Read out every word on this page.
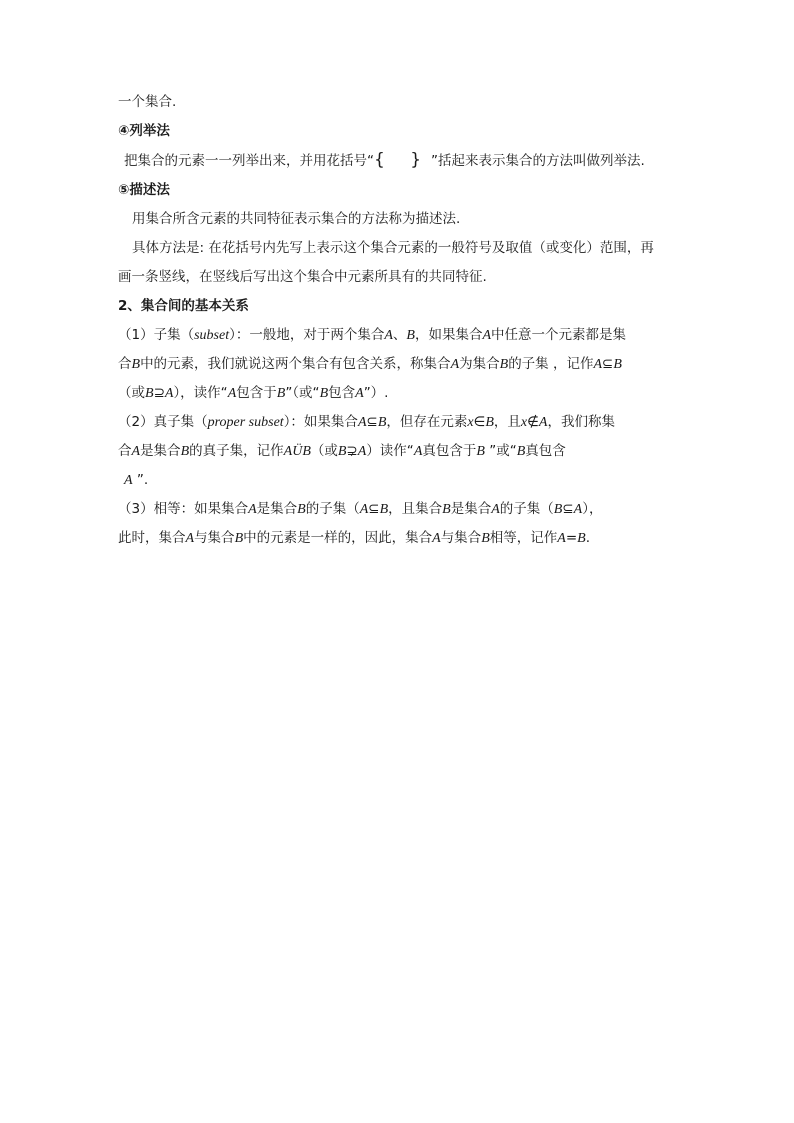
一个集合.
④列举法
把集合的元素一一列举出来，并用花括号“{ }”括起来表示集合的方法叫做列举法.
⑤描述法
用集合所含元素的共同特征表示集合的方法称为描述法.
具体方法是: 在花括号内先写上表示这个集合元素的一般符号及取值（或变化）范围，再
画一条竖线，在竖线后写出这个集合中元素所具有的共同特征.
2、集合间的基本关系
（1）子集（subset）：一般地，对于两个集合A、B，如果集合A中任意一个元素都是集
合B中的元素，我们就说这两个集合有包含关系，称集合A为集合B的子集 ，记作A⊆B
（或B⊇A），读作“A包含于B”（或“B包含A”）.
（2）真子集（proper subset）：如果集合A⊆B，但存在元素x∈B，且x∉A，我们称集
合A是集合B的真子集，记作AÜB（或B⊋A）读作“A真包含于B ”或“B真包含
A ”.
（3）相等：如果集合A是集合B的子集（A⊆B，且集合B是集合A的子集（B⊆A），
此时，集合A与集合B中的元素是一样的，因此，集合A与集合B相等，记作A=B.
